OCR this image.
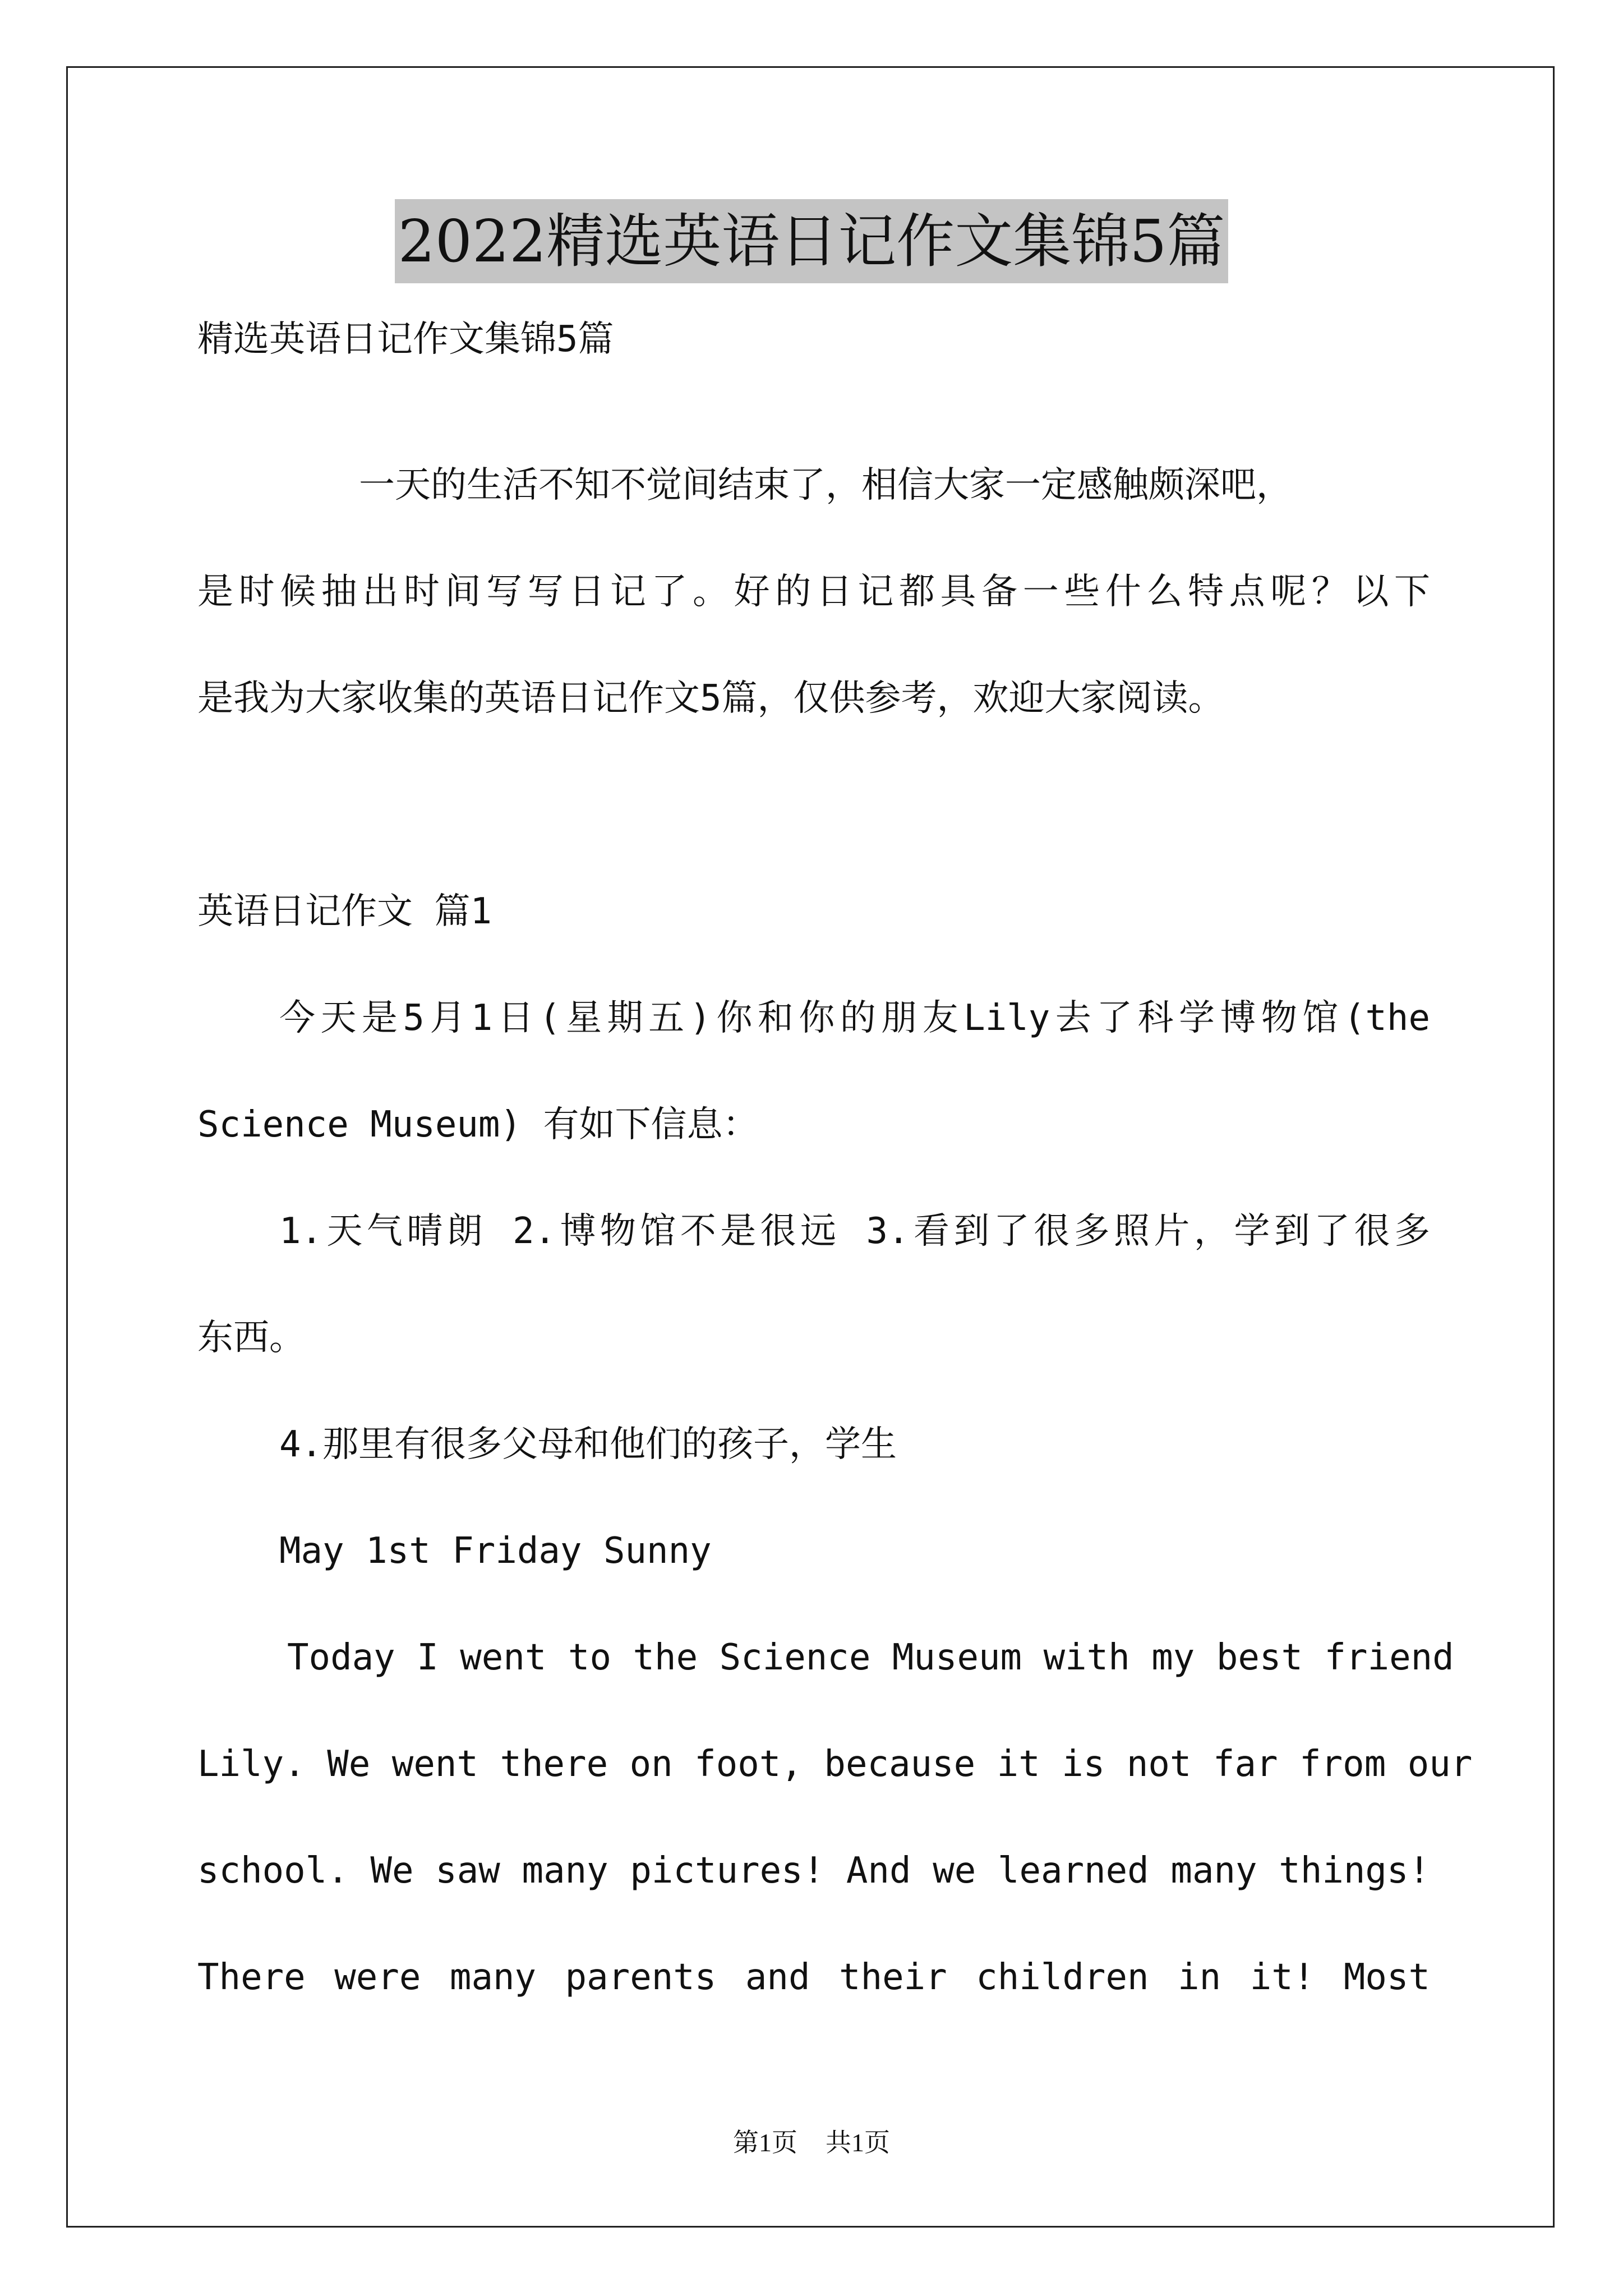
2022精选英语日记作文集锦5篇
精选英语日记作文集锦5篇
一天的生活不知不觉间结束了，相信大家一定感触颇深吧，
是时候抽出时间写写日记了。好的日记都具备一些什么特点呢？以下
是我为大家收集的英语日记作文5篇，仅供参考，欢迎大家阅读。
英语日记作文 篇1
今天是5月1日(星期五)你和你的朋友Lily去了科学博物馆(the
Science Museum) 有如下信息：
1.天气晴朗 2.博物馆不是很远 3.看到了很多照片，学到了很多
东西。
4.那里有很多父母和他们的孩子，学生
May 1st Friday Sunny
Today I went to the Science Museum with my best friend
Lily. We went there on foot, because it is not far from our
school. We saw many pictures! And we learned many things!
There were many parents and their children in it! Most
第1页 共1页
